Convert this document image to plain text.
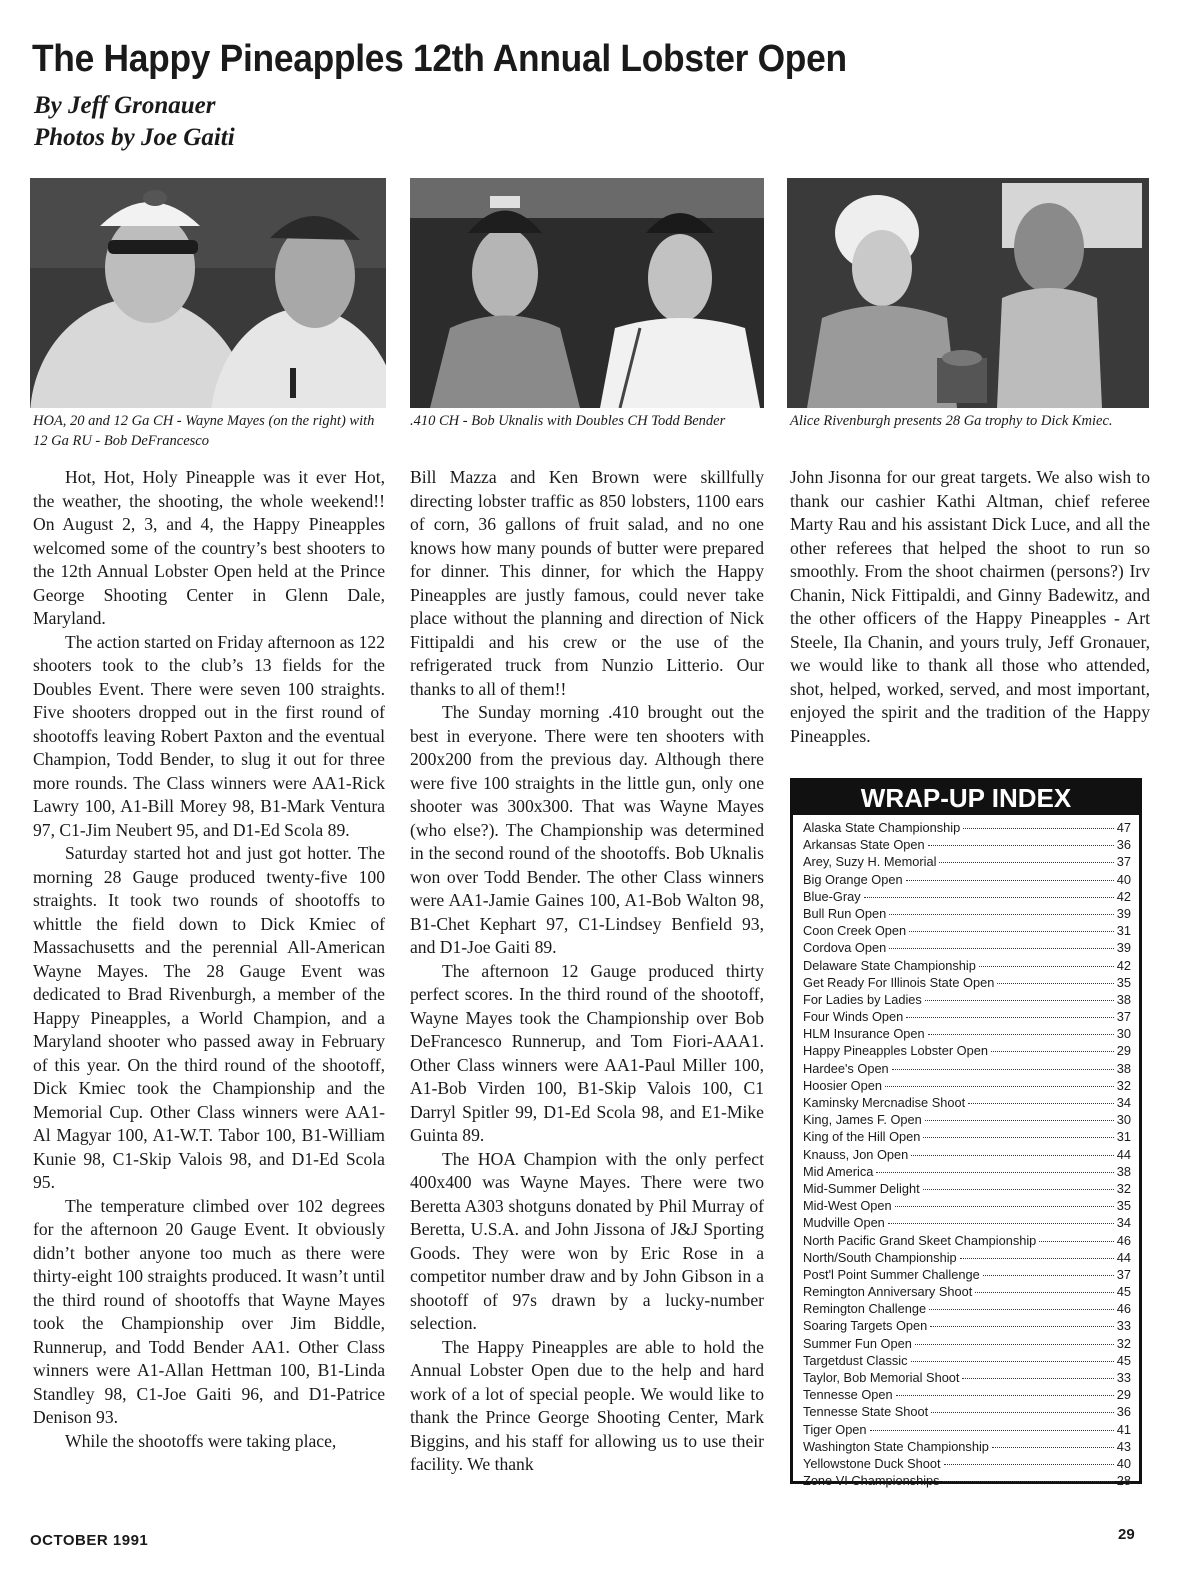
The Happy Pineapples 12th Annual Lobster Open
By Jeff Gronauer
Photos by Joe Gaiti
HOA, 20 and 12 Ga CH - Wayne Mayes (on the right) with 12 Ga RU - Bob DeFrancesco
.410 CH - Bob Uknalis with Doubles CH Todd Bender	Alice Rivenburgh presents 28 Ga trophy to Dick Kmiec.

Hot, Hot, Holy Pineapple was it ever Hot, the weather, the shooting, the whole weekend!! On August 2, 3, and 4, the Happy Pineapples welcomed some of the country’s best shooters to the 12th Annual Lobster Open held at the Prince George Shooting Center in Glenn Dale, Maryland.

The action started on Friday afternoon as 122 shooters took to the club’s 13 fields for the Doubles Event. There were seven 100 straights. Five shooters dropped out in the first round of shootoffs leaving Robert Paxton and the eventual Champion, Todd Bender, to slug it out for three more rounds. The Class winners were AA1-Rick Lawry 100, A1-Bill Morey 98, B1-Mark Ventura 97, C1-Jim Neubert 95, and D1-Ed Scola 89.

Saturday started hot and just got hotter. The morning 28 Gauge produced twenty-five 100 straights. It took two rounds of shootoffs to whittle the field down to Dick Kmiec of Massachusetts and the perennial All-American Wayne Mayes. The 28 Gauge Event was dedicated to Brad Rivenburgh, a member of the Happy Pineapples, a World Champion, and a Maryland shooter who passed away in February of this year. On the third round of the shootoff, Dick Kmiec took the Championship and the Memorial Cup. Other Class winners were AA1-Al Magyar 100, A1-W.T. Tabor 100, B1-William Kunie 98, C1-Skip Valois 98, and D1-Ed Scola 95.

The temperature climbed over 102 degrees for the afternoon 20 Gauge Event. It obviously didn’t bother anyone too much as there were thirty-eight 100 straights produced. It wasn’t until the third round of shootoffs that Wayne Mayes took the Championship over Jim Biddle, Runnerup, and Todd Bender AA1. Other Class winners were A1-Allan Hettman 100, B1-Linda Standley 98, C1-Joe Gaiti 96, and D1-Patrice Denison 93.

While the shootoffs were taking place,

Bill Mazza and Ken Brown were skillfully directing lobster traffic as 850 lobsters, 1100 ears of corn, 36 gallons of fruit salad, and no one knows how many pounds of butter were prepared for dinner. This dinner, for which the Happy Pineapples are justly famous, could never take place without the planning and direction of Nick Fittipaldi and his crew or the use of the refrigerated truck from Nunzio Litterio. Our thanks to all of them!!

The Sunday morning .410 brought out the best in everyone. There were ten shooters with 200x200 from the previous day. Although there were five 100 straights in the little gun, only one shooter was 300x300. That was Wayne Mayes (who else?). The Championship was determined in the second round of the shootoffs. Bob Uknalis won over Todd Bender. The other Class winners were AA1-Jamie Gaines 100, A1-Bob Walton 98, B1-Chet Kephart 97, C1-Lindsey Benfield 93, and D1-Joe Gaiti 89.

The afternoon 12 Gauge produced thirty perfect scores. In the third round of the shootoff, Wayne Mayes took the Championship over Bob DeFrancesco Runnerup, and Tom Fiori-AAA1. Other Class winners were AA1-Paul Miller 100, A1-Bob Virden 100, B1-Skip Valois 100, C1 Darryl Spitler 99, D1-Ed Scola 98, and E1-Mike Guinta 89.

The HOA Champion with the only perfect 400x400 was Wayne Mayes. There were two Beretta A303 shotguns donated by Phil Murray of Beretta, U.S.A. and John Jissona of J&J Sporting Goods. They were won by Eric Rose in a competitor number draw and by John Gibson in a shootoff of 97s drawn by a lucky-number selection.

The Happy Pineapples are able to hold the Annual Lobster Open due to the help and hard work of a lot of special people. We would like to thank the Prince George Shooting Center, Mark Biggins, and his staff for allowing us to use their facility. We thank

John Jisonna for our great targets. We also wish to thank our cashier Kathi Altman, chief referee Marty Rau and his assistant Dick Luce, and all the other referees that helped the shoot to run so smoothly. From the shoot chairmen (persons?) Irv Chanin, Nick Fittipaldi, and Ginny Badewitz, and the other officers of the Happy Pineapples - Art Steele, Ila Chanin, and yours truly, Jeff Gronauer, we would like to thank all those who attended, shot, helped, worked, served, and most important, enjoyed the spirit and the tradition of the Happy Pineapples.

WRAP-UP INDEX
Alaska State Championship	47
Arkansas State Open	36
Arey, Suzy H. Memorial	37
Big Orange Open	40
Blue-Gray	42
Bull Run Open	39
Coon Creek Open	31
Cordova Open	39
Delaware State Championship	42
Get Ready For Illinois State Open	35
For Ladies by Ladies	38
Four Winds Open	37
HLM Insurance Open	30
Happy Pineapples Lobster Open	29
Hardee's Open	38
Hoosier Open	32
Kaminsky Mercnadise Shoot	34
King, James F. Open	30
King of the Hill Open	31
Knauss, Jon Open	44
Mid America	38
Mid-Summer Delight	32
Mid-West Open	35
Mudville Open	34
North Pacific Grand Skeet Championship	46
North/South Championship	44
Post'l Point Summer Challenge	37
Remington Anniversary Shoot	45
Remington Challenge	46
Soaring Targets Open	33
Summer Fun Open	32
Targetdust Classic	45
Taylor, Bob Memorial Shoot	33
Tennesse Open	29
Tennesse State Shoot	36
Tiger Open	41
Washington State Championship	43
Yellowstone Duck Shoot	40
Zone VI Championships	28
OCTOBER 1991	29
